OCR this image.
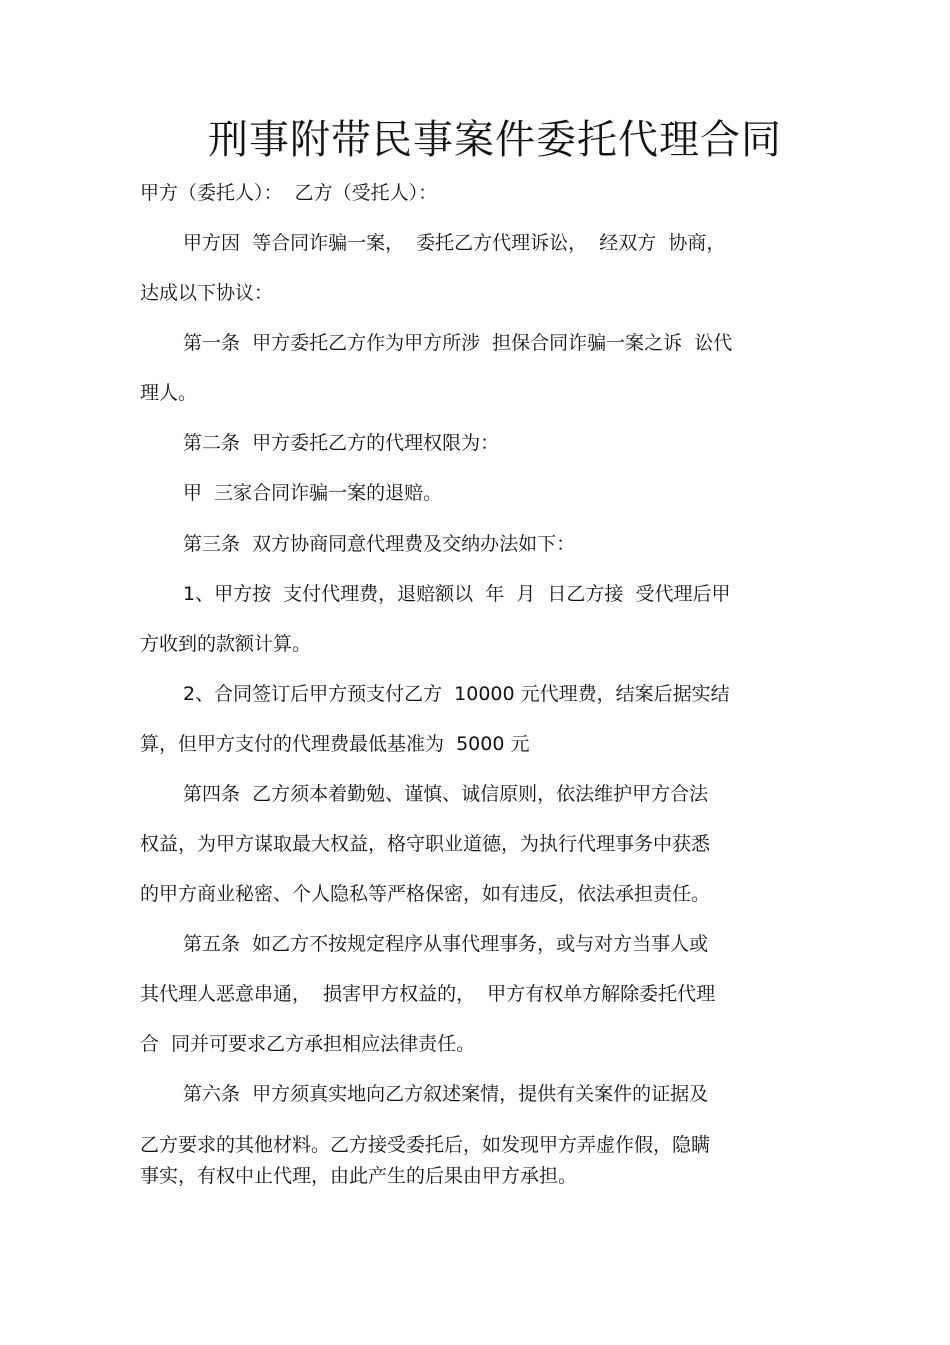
刑事附带民事案件委托代理合同
甲方（委托人）：  乙方（受托人）：
甲方因  等合同诈骗一案，  委托乙方代理诉讼，  经双方  协商，
达成以下协议：
第一条  甲方委托乙方作为甲方所涉  担保合同诈骗一案之诉  讼代
理人。
第二条  甲方委托乙方的代理权限为：
甲  三家合同诈骗一案的退赔。
第三条  双方协商同意代理费及交纳办法如下：
1、甲方按  支付代理费，退赔额以  年  月  日乙方接  受代理后甲
方收到的款额计算。
2、合同签订后甲方预支付乙方  10000 元代理费，结案后据实结
算，但甲方支付的代理费最低基准为  5000 元
第四条  乙方须本着勤勉、谨慎、诚信原则，依法维护甲方合法
权益，为甲方谋取最大权益，格守职业道德，为执行代理事务中获悉
的甲方商业秘密、个人隐私等严格保密，如有违反，依法承担责任。
第五条  如乙方不按规定程序从事代理事务，或与对方当事人或
其代理人恶意串通，  损害甲方权益的，  甲方有权单方解除委托代理
合  同并可要求乙方承担相应法律责任。
第六条  甲方须真实地向乙方叙述案情，提供有关案件的证据及
乙方要求的其他材料。乙方接受委托后，如发现甲方弄虚作假，隐瞒
事实，有权中止代理，由此产生的后果由甲方承担。
